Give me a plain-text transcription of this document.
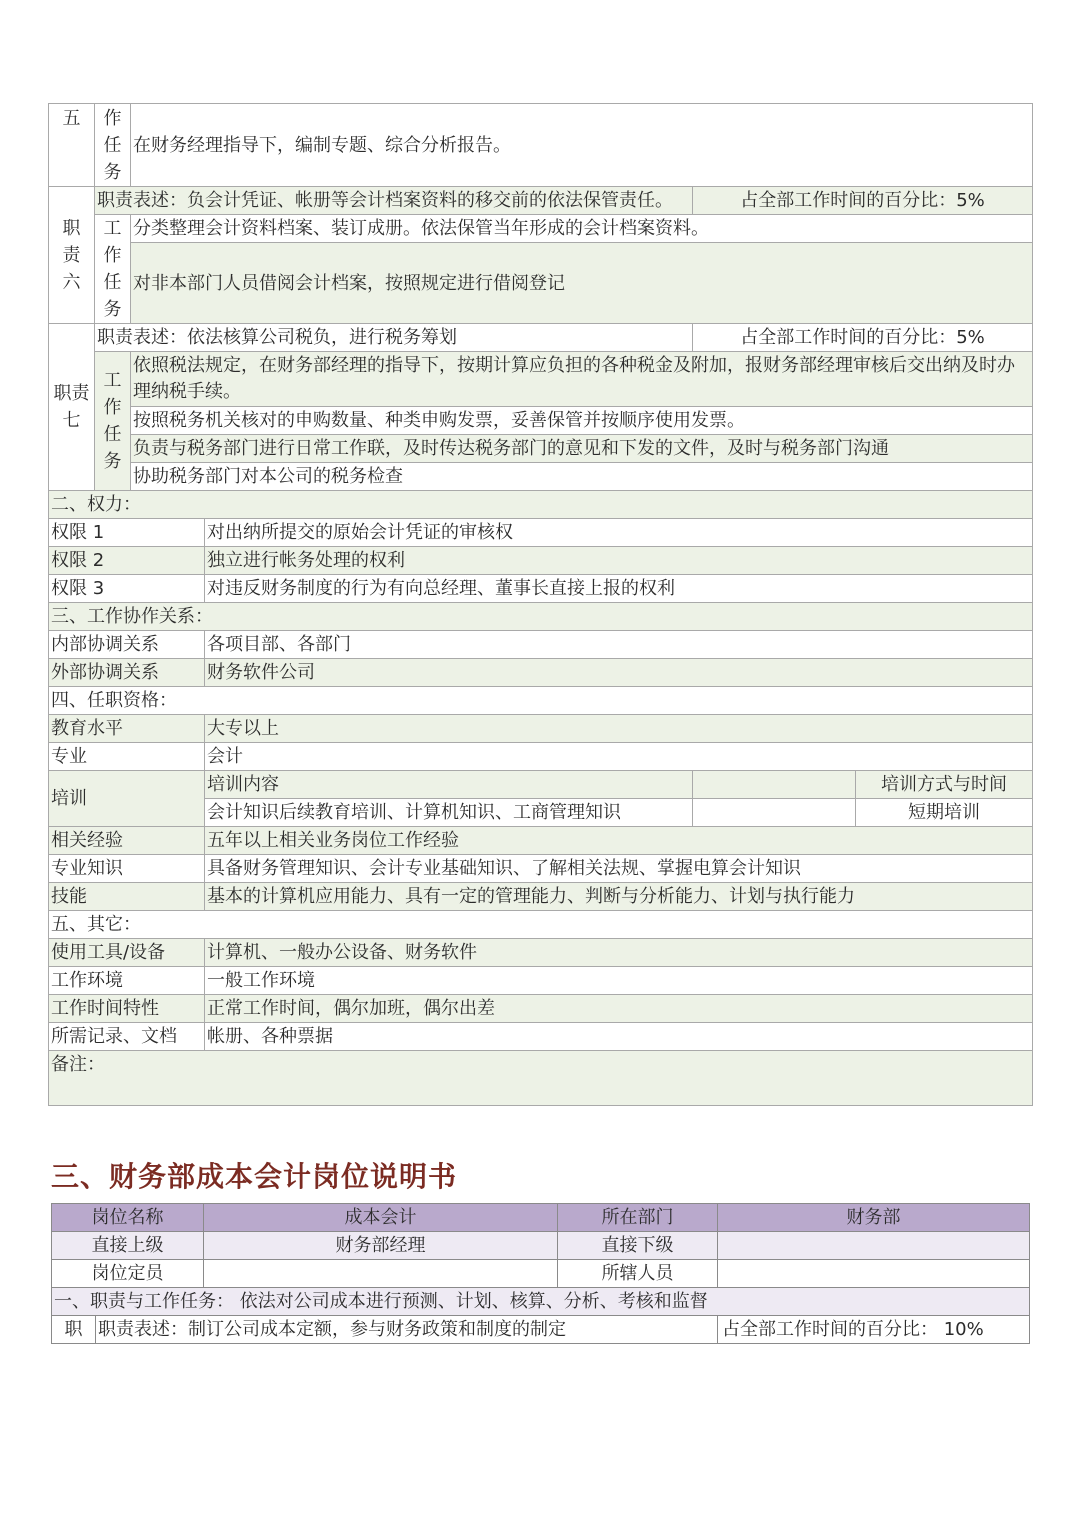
五	作任务	在财务经理指导下，编制专题、综合分析报告。		

职责六	职责表述：负会计凭证、帐册等会计档案资料的移交前的依法保管责任。			占全部工作时间的百分比：5%

	工作任务	分类整理会计资料档案、装订成册。依法保管当年形成的会计档案资料。		
		对非本部门人员借阅会计档案，按照规定进行借阅登记		

职责七	职责表述：依法核算公司税负，进行税务筹划			占全部工作时间的百分比：5%

	工作任务	依照税法规定，在财务部经理的指导下，按期计算应负担的各种税金及附加，报财务部经理审核后交出纳及时办理纳税手续。		
		按照税务机关核对的申购数量、种类申购发票，妥善保管并按顺序使用发票。		
		负责与税务部门进行日常工作联，及时传达税务部门的意见和下发的文件，及时与税务部门沟通		
		协助税务部门对本公司的税务检查		
二、权力：				
权限 1			对出纳所提交的原始会计凭证的审核权	
权限 2			独立进行帐务处理的权利	
权限 3			对违反财务制度的行为有向总经理、董事长直接上报的权利	
三、工作协作关系：				
内部协调关系			各项目部、各部门	
外部协调关系			财务软件公司	
四、任职资格：				
教育水平			大专以上	
专业			会计	
培训			培训内容	培训方式与时间

			会计知识后续教育培训、计算机知识、工商管理知识	短期培训

相关经验			五年以上相关业务岗位工作经验	
专业知识			具备财务管理知识、会计专业基础知识、了解相关法规、掌握电算会计知识	
技能			基本的计算机应用能力、具有一定的管理能力、判断与分析能力、计划与执行能力	
五、其它：				
使用工具/设备			计算机、一般办公设备、财务软件	
工作环境			一般工作环境	
工作时间特性			正常工作时间，偶尔加班，偶尔出差	
所需记录、文档			帐册、各种票据	
备注：				
三、财务部成本会计岗位说明书
岗位名称		成本会计	所在部门	财务部
直接上级		财务部经理	直接下级	
岗位定员			所辖人员	
一、职责与工作任务： 依法对公司成本进行预测、计划、核算、分析、考核和监督				
职	职责表述：制订公司成本定额，参与财务政策和制度的制定			占全部工作时间的百分比： 10%
